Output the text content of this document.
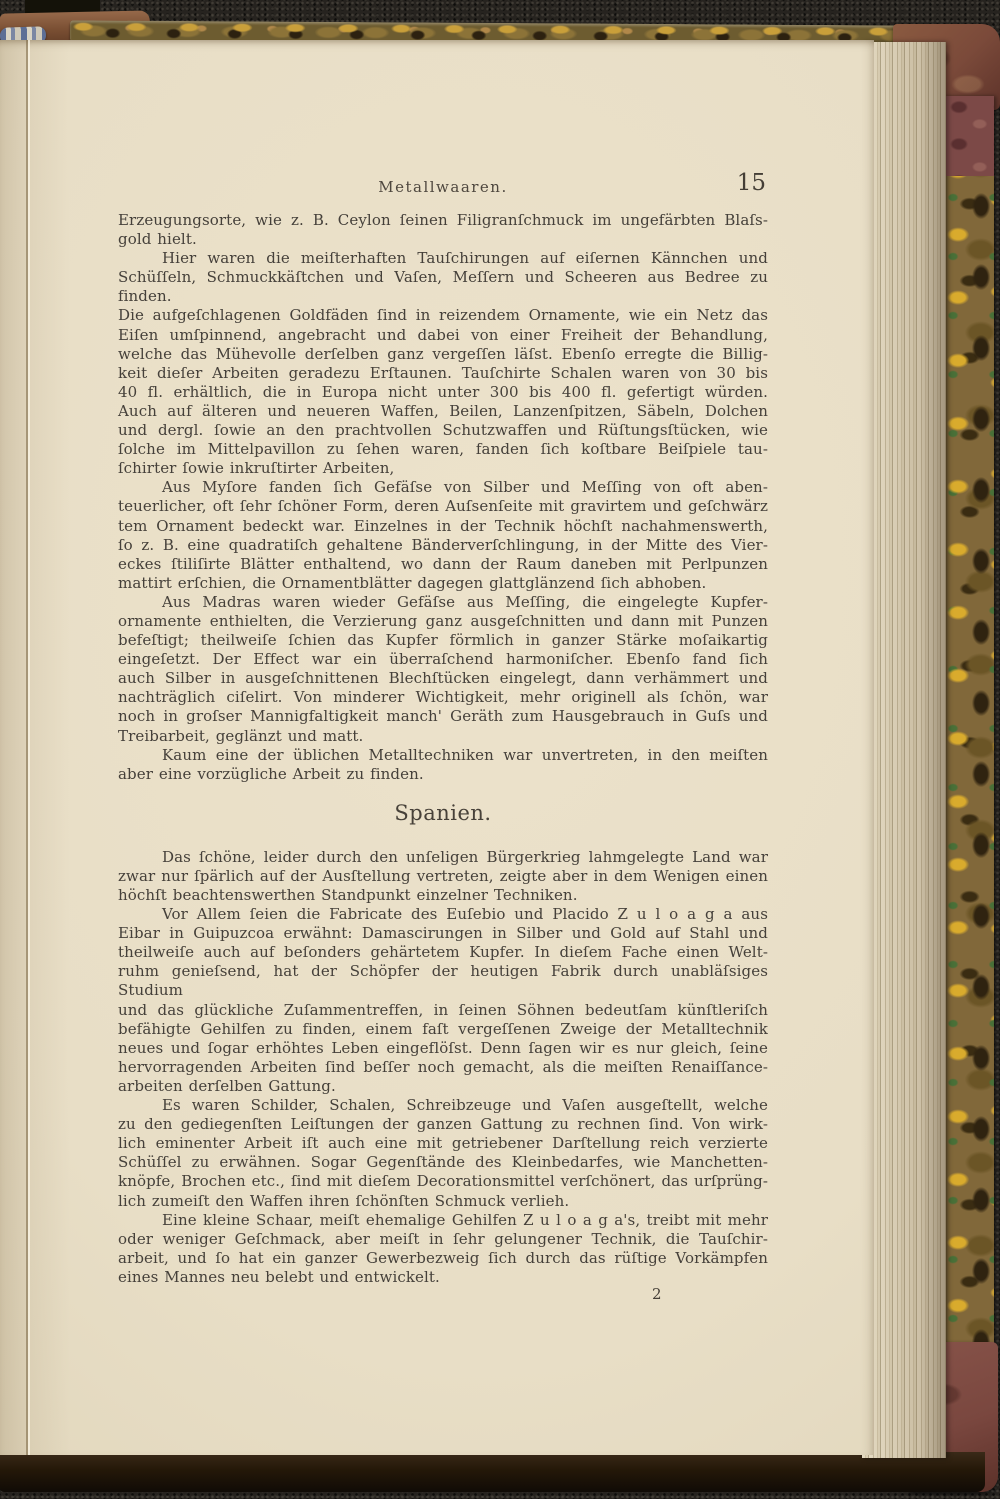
Metallwaaren.	15
Erzeugungsorte, wie z. B. Ceylon ſeinen Filigranſchmuck im ungefärbten Blaſs-
gold hielt.
Hier waren die meiſterhaften Tauſchirungen auf eiſernen Kännchen und
Schüſſeln, Schmuckkäſtchen und Vaſen, Meſſern und Scheeren aus Bedree zu finden.
Die aufgeſchlagenen Goldfäden ſind in reizendem Ornamente, wie ein Netz das
Eiſen umſpinnend, angebracht und dabei von einer Freiheit der Behandlung,
welche das Mühevolle derſelben ganz vergeſſen läſst. Ebenſo erregte die Billig-
keit dieſer Arbeiten geradezu Erſtaunen. Tauſchirte Schalen waren von 30 bis
40 fl. erhältlich, die in Europa nicht unter 300 bis 400 fl. gefertigt würden.
Auch auf älteren und neueren Waffen, Beilen, Lanzenſpitzen, Säbeln, Dolchen
und dergl. ſowie an den prachtvollen Schutzwaffen und Rüſtungsſtücken, wie
ſolche im Mittelpavillon zu ſehen waren, fanden ſich koſtbare Beiſpiele tau-
ſchirter ſowie inkruſtirter Arbeiten,
Aus Myſore fanden ſich Gefäſse von Silber und Meſſing von oft aben-
teuerlicher, oft ſehr ſchöner Form, deren Auſsenſeite mit gravirtem und geſchwärz
tem Ornament bedeckt war. Einzelnes in der Technik höchſt nachahmenswerth,
ſo z. B. eine quadratiſch gehaltene Bänderverſchlingung, in der Mitte des Vier-
eckes ſtiliſirte Blätter enthaltend, wo dann der Raum daneben mit Perlpunzen
mattirt erſchien, die Ornamentblätter dagegen glattglänzend ſich abhoben.
Aus Madras waren wieder Gefäſse aus Meſſing, die eingelegte Kupfer-
ornamente enthielten, die Verzierung ganz ausgeſchnitten und dann mit Punzen
befeſtigt; theilweiſe ſchien das Kupfer förmlich in ganzer Stärke moſaikartig
eingeſetzt. Der Effect war ein überraſchend harmoniſcher. Ebenſo fand ſich
auch Silber in ausgeſchnittenen Blechſtücken eingelegt, dann verhämmert und
nachträglich ciſelirt. Von minderer Wichtigkeit, mehr originell als ſchön, war
noch in groſser Mannigfaltigkeit manch' Geräth zum Hausgebrauch in Guſs und
Treibarbeit, geglänzt und matt.
Kaum eine der üblichen Metalltechniken war unvertreten, in den meiſten
aber eine vorzügliche Arbeit zu finden.
Spanien.
Das ſchöne, leider durch den unſeligen Bürgerkrieg lahmgelegte Land war
zwar nur ſpärlich auf der Ausſtellung vertreten, zeigte aber in dem Wenigen einen
höchſt beachtenswerthen Standpunkt einzelner Techniken.
Vor Allem ſeien die Fabricate des Euſebio und Placido Z u l o a g a aus
Eibar in Guipuzcoa erwähnt: Damascirungen in Silber und Gold auf Stahl und
theilweiſe auch auf beſonders gehärtetem Kupfer. In dieſem Fache einen Welt-
ruhm genieſsend, hat der Schöpfer der heutigen Fabrik durch unabläſsiges Studium
und das glückliche Zuſammentreffen, in ſeinen Söhnen bedeutſam künſtleriſch
befähigte Gehilfen zu finden, einem faſt vergeſſenen Zweige der Metalltechnik
neues und ſogar erhöhtes Leben eingeflöſst. Denn ſagen wir es nur gleich, ſeine
hervorragenden Arbeiten ſind beſſer noch gemacht, als die meiſten Renaiſſance-
arbeiten derſelben Gattung.
Es waren Schilder, Schalen, Schreibzeuge und Vaſen ausgeſtellt, welche
zu den gediegenſten Leiſtungen der ganzen Gattung zu rechnen ſind. Von wirk-
lich eminenter Arbeit iſt auch eine mit getriebener Darſtellung reich verzierte
Schüſſel zu erwähnen. Sogar Gegenſtände des Kleinbedarfes, wie Manchetten-
knöpfe, Brochen etc., ſind mit dieſem Decorationsmittel verſchönert, das urſprüng-
lich zumeiſt den Waffen ihren ſchönſten Schmuck verlieh.
Eine kleine Schaar, meiſt ehemalige Gehilfen Z u l o a g a's, treibt mit mehr
oder weniger Geſchmack, aber meiſt in ſehr gelungener Technik, die Tauſchir-
arbeit, und ſo hat ein ganzer Gewerbezweig ſich durch das rüſtige Vorkämpfen
eines Mannes neu belebt und entwickelt.
2
